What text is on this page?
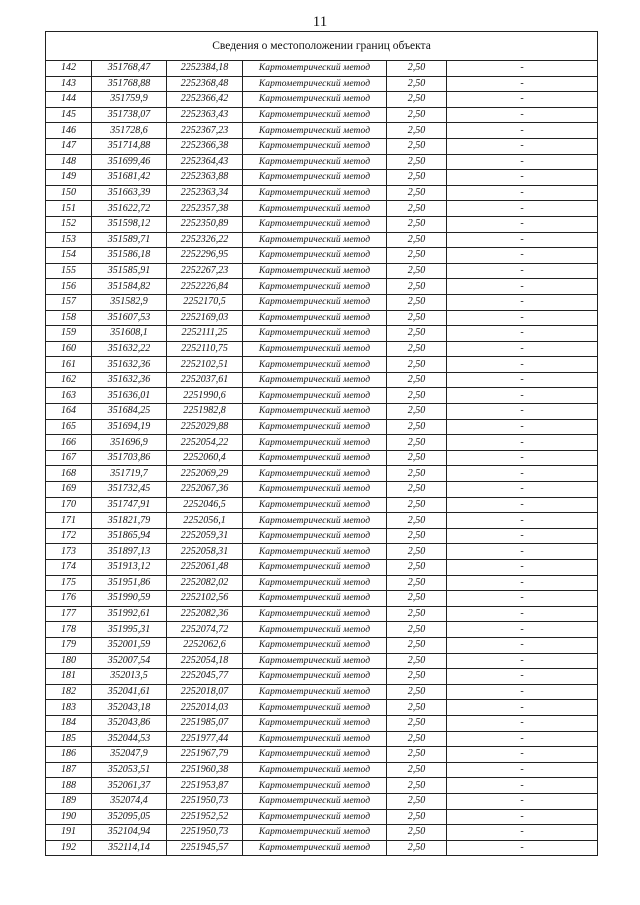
11
Сведения о местоположении границ объекта					
142	351768,47	2252384,18	Картометрический метод	2,50	-
143	351768,88	2252368,48	Картометрический метод	2,50	-
144	351759,9	2252366,42	Картометрический метод	2,50	-
145	351738,07	2252363,43	Картометрический метод	2,50	-
146	351728,6	2252367,23	Картометрический метод	2,50	-
147	351714,88	2252366,38	Картометрический метод	2,50	-
148	351699,46	2252364,43	Картометрический метод	2,50	-
149	351681,42	2252363,88	Картометрический метод	2,50	-
150	351663,39	2252363,34	Картометрический метод	2,50	-
151	351622,72	2252357,38	Картометрический метод	2,50	-
152	351598,12	2252350,89	Картометрический метод	2,50	-
153	351589,71	2252326,22	Картометрический метод	2,50	-
154	351586,18	2252296,95	Картометрический метод	2,50	-
155	351585,91	2252267,23	Картометрический метод	2,50	-
156	351584,82	2252226,84	Картометрический метод	2,50	-
157	351582,9	2252170,5	Картометрический метод	2,50	-
158	351607,53	2252169,03	Картометрический метод	2,50	-
159	351608,1	2252111,25	Картометрический метод	2,50	-
160	351632,22	2252110,75	Картометрический метод	2,50	-
161	351632,36	2252102,51	Картометрический метод	2,50	-
162	351632,36	2252037,61	Картометрический метод	2,50	-
163	351636,01	2251990,6	Картометрический метод	2,50	-
164	351684,25	2251982,8	Картометрический метод	2,50	-
165	351694,19	2252029,88	Картометрический метод	2,50	-
166	351696,9	2252054,22	Картометрический метод	2,50	-
167	351703,86	2252060,4	Картометрический метод	2,50	-
168	351719,7	2252069,29	Картометрический метод	2,50	-
169	351732,45	2252067,36	Картометрический метод	2,50	-
170	351747,91	2252046,5	Картометрический метод	2,50	-
171	351821,79	2252056,1	Картометрический метод	2,50	-
172	351865,94	2252059,31	Картометрический метод	2,50	-
173	351897,13	2252058,31	Картометрический метод	2,50	-
174	351913,12	2252061,48	Картометрический метод	2,50	-
175	351951,86	2252082,02	Картометрический метод	2,50	-
176	351990,59	2252102,56	Картометрический метод	2,50	-
177	351992,61	2252082,36	Картометрический метод	2,50	-
178	351995,31	2252074,72	Картометрический метод	2,50	-
179	352001,59	2252062,6	Картометрический метод	2,50	-
180	352007,54	2252054,18	Картометрический метод	2,50	-
181	352013,5	2252045,77	Картометрический метод	2,50	-
182	352041,61	2252018,07	Картометрический метод	2,50	-
183	352043,18	2252014,03	Картометрический метод	2,50	-
184	352043,86	2251985,07	Картометрический метод	2,50	-
185	352044,53	2251977,44	Картометрический метод	2,50	-
186	352047,9	2251967,79	Картометрический метод	2,50	-
187	352053,51	2251960,38	Картометрический метод	2,50	-
188	352061,37	2251953,87	Картометрический метод	2,50	-
189	352074,4	2251950,73	Картометрический метод	2,50	-
190	352095,05	2251952,52	Картометрический метод	2,50	-
191	352104,94	2251950,73	Картометрический метод	2,50	-
192	352114,14	2251945,57	Картометрический метод	2,50	-
